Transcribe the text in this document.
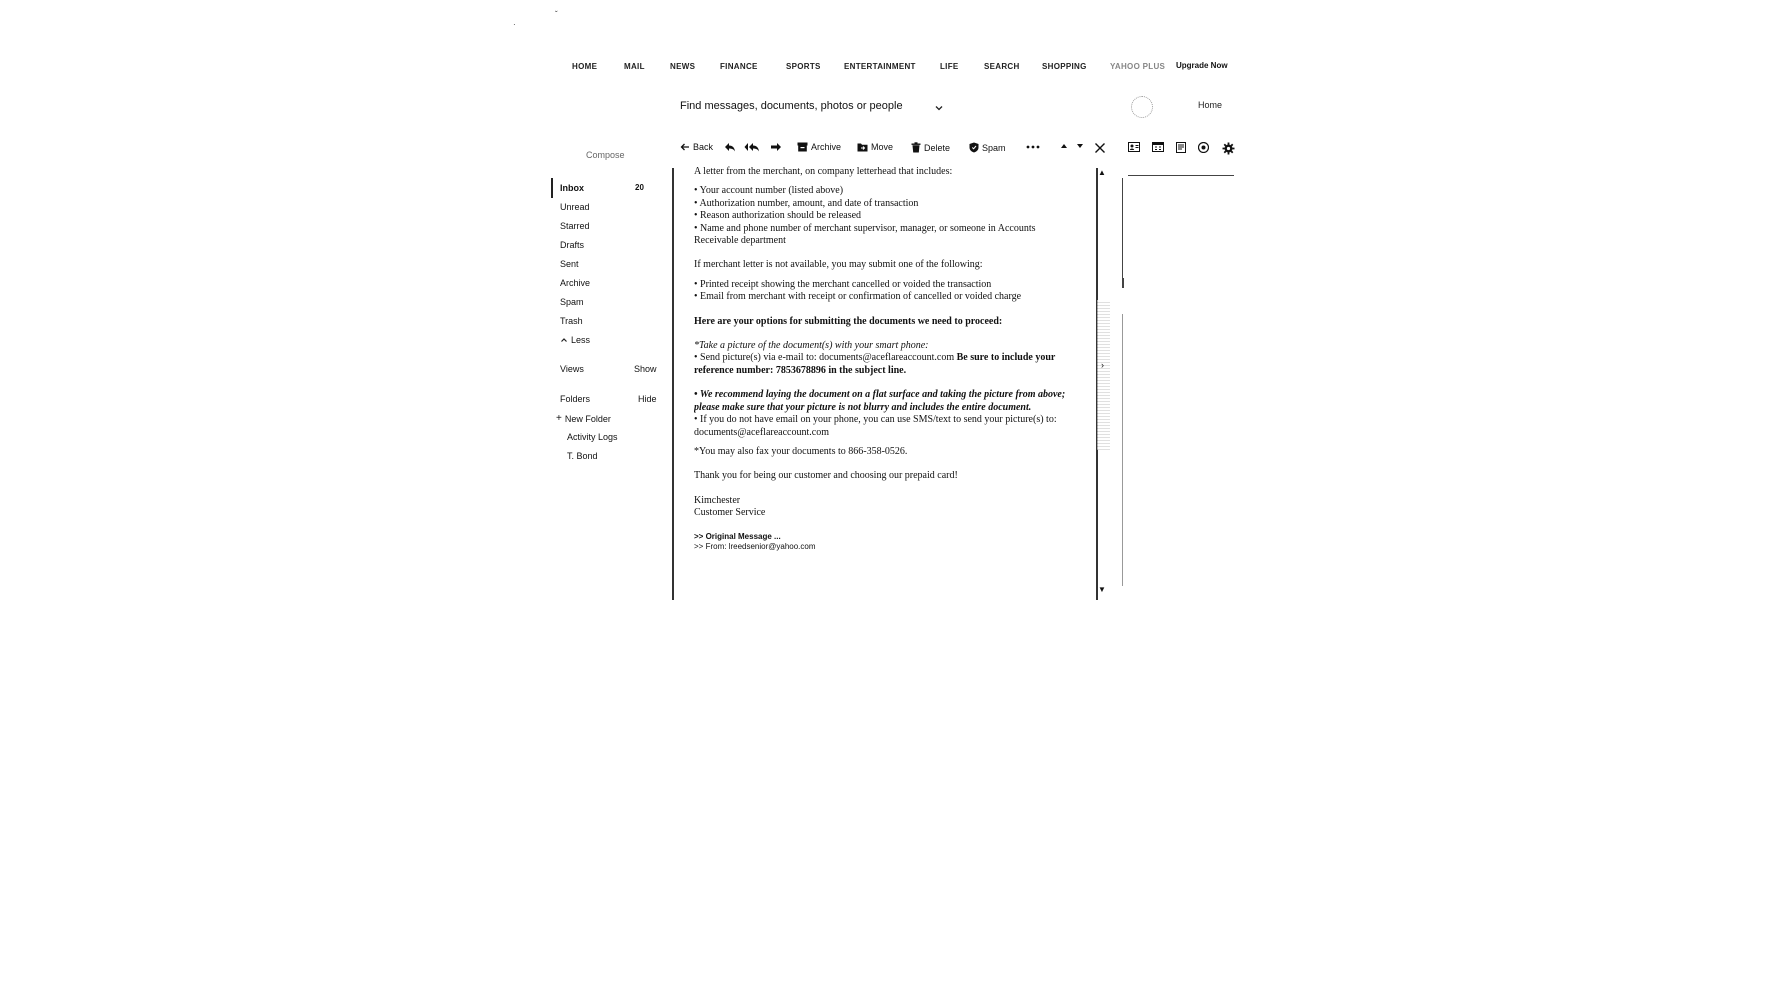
·
ˇ
HOME	MAIL	NEWS	FINANCE	SPORTS	ENTERTAINMENT	LIFE	SEARCH	SHOPPING	YAHOO PLUS Upgrade Now
Find messages, documents, photos or people	Home
Compose
Inbox	20
Unread
Starred
Drafts
Sent
Archive
Spam
Trash
Less
Views	Show
Folders	Hide
+ New Folder
Activity Logs
T. Bond
Back	Archive	Move	Delete	Spam

A letter from the merchant, on company letterhead that includes:

• Your account number (listed above)

• Authorization number, amount, and date of transaction

• Reason authorization should be released

• Name and phone number of merchant supervisor, manager, or someone in Accounts Receivable department

If merchant letter is not available, you may submit one of the following:

• Printed receipt showing the merchant cancelled or voided the transaction

• Email from merchant with receipt or confirmation of cancelled or voided charge

Here are your options for submitting the documents we need to proceed:

*Take a picture of the document(s) with your smart phone:

• Send picture(s) via e-mail to: documents@aceflareaccount.com Be sure to include your reference number: 7853678896 in the subject line.

• We recommend laying the document on a flat surface and taking the picture from above; please make sure that your picture is not blurry and includes the entire document.

• If you do not have email on your phone, you can use SMS/text to send your picture(s) to: documents@aceflareaccount.com

*You may also fax your documents to 866-358-0526.

Thank you for being our customer and choosing our prepaid card!

Kimchester

Customer Service

>> Original Message ...

>> From: lreedsenior@yahoo.com

▲
›
▼
